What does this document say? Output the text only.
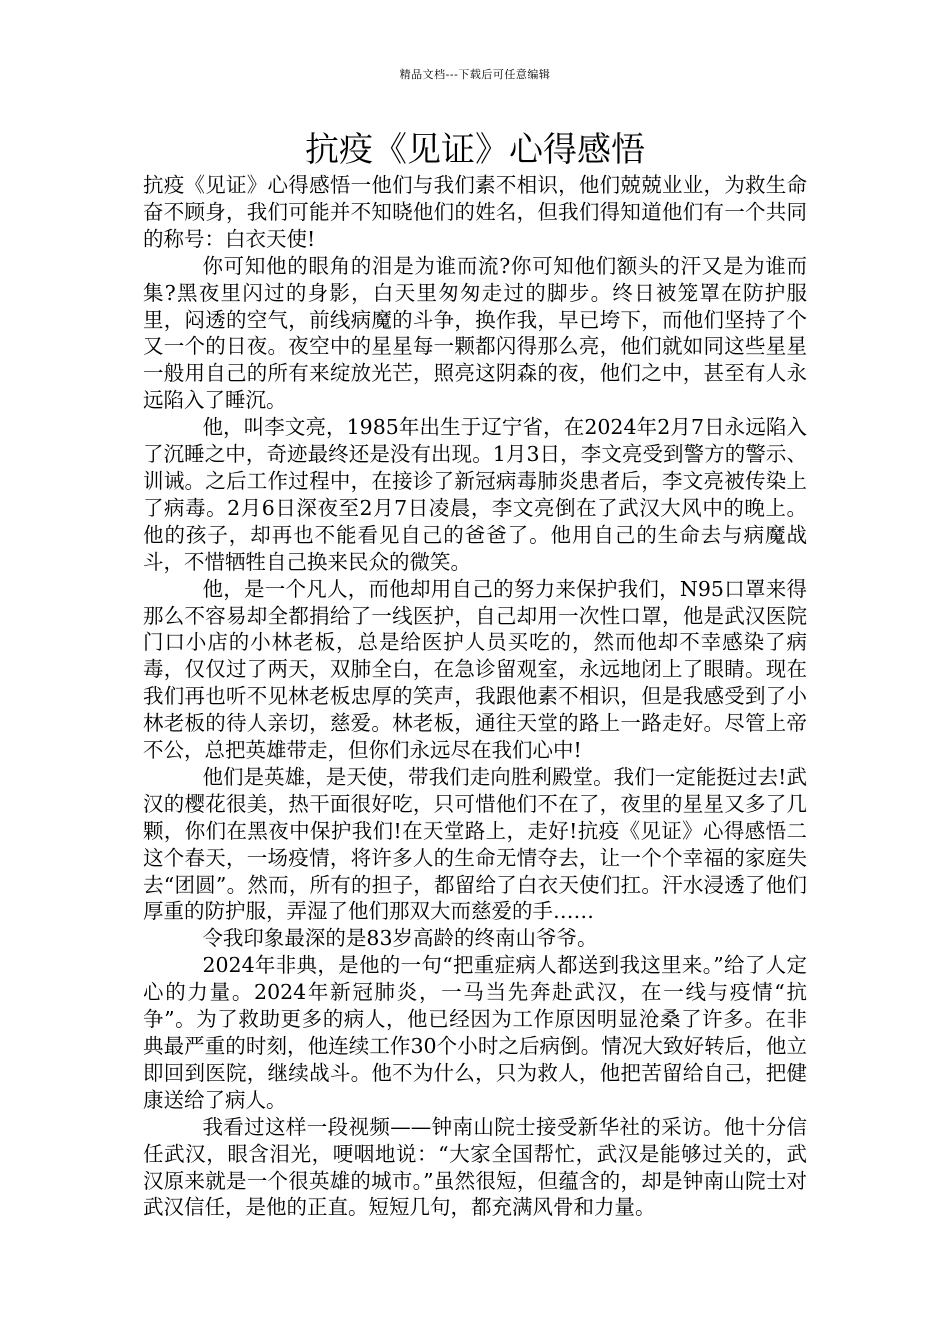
精品文档---下载后可任意编辑
抗疫《见证》心得感悟

抗疫《见证》心得感悟一他们与我们素不相识，他们兢兢业业，为救生命奋不顾身，我们可能并不知晓他们的姓名，但我们得知道他们有一个共同的称号：白衣天使!

你可知他的眼角的泪是为谁而流?你可知他们额头的汗又是为谁而集?黑夜里闪过的身影，白天里匆匆走过的脚步。终日被笼罩在防护服里，闷透的空气，前线病魔的斗争，换作我，早已垮下，而他们坚持了个又一个的日夜。夜空中的星星每一颗都闪得那么亮，他们就如同这些星星一般用自己的所有来绽放光芒，照亮这阴森的夜，他们之中，甚至有人永远陷入了睡沉。

他，叫李文亮，1985年出生于辽宁省，在2024年2月7日永远陷入了沉睡之中，奇迹最终还是没有出现。1月3日，李文亮受到警方的警示、训诫。之后工作过程中，在接诊了新冠病毒肺炎患者后，李文亮被传染上了病毒。2月6日深夜至2月7日凌晨，李文亮倒在了武汉大风中的晚上。他的孩子，却再也不能看见自己的爸爸了。他用自己的生命去与病魔战斗，不惜牺牲自己换来民众的微笑。

他，是一个凡人，而他却用自己的努力来保护我们，N95口罩来得那么不容易却全都捐给了一线医护，自己却用一次性口罩，他是武汉医院门口小店的小林老板，总是给医护人员买吃的，然而他却不幸感染了病毒，仅仅过了两天，双肺全白，在急诊留观室，永远地闭上了眼睛。现在我们再也听不见林老板忠厚的笑声，我跟他素不相识，但是我感受到了小林老板的待人亲切，慈爱。林老板，通往天堂的路上一路走好。尽管上帝不公，总把英雄带走，但你们永远尽在我们心中!

他们是英雄，是天使，带我们走向胜利殿堂。我们一定能挺过去!武汉的樱花很美，热干面很好吃，只可惜他们不在了，夜里的星星又多了几颗，你们在黑夜中保护我们!在天堂路上，走好!抗疫《见证》心得感悟二这个春天，一场疫情，将许多人的生命无情夺去，让一个个幸福的家庭失去“团圆”。然而，所有的担子，都留给了白衣天使们扛。汗水浸透了他们厚重的防护服，弄湿了他们那双大而慈爱的手……

令我印象最深的是83岁高龄的终南山爷爷。

2024年非典，是他的一句“把重症病人都送到我这里来。”给了人定心的力量。2024年新冠肺炎，一马当先奔赴武汉，在一线与疫情“抗争”。为了救助更多的病人，他已经因为工作原因明显沧桑了许多。在非典最严重的时刻，他连续工作30个小时之后病倒。情况大致好转后，他立即回到医院，继续战斗。他不为什么，只为救人，他把苦留给自己，把健康送给了病人。

我看过这样一段视频——钟南山院士接受新华社的采访。他十分信任武汉，眼含泪光，哽咽地说：“大家全国帮忙，武汉是能够过关的，武汉原来就是一个很英雄的城市。”虽然很短，但蕴含的，却是钟南山院士对武汉信任，是他的正直。短短几句，都充满风骨和力量。
